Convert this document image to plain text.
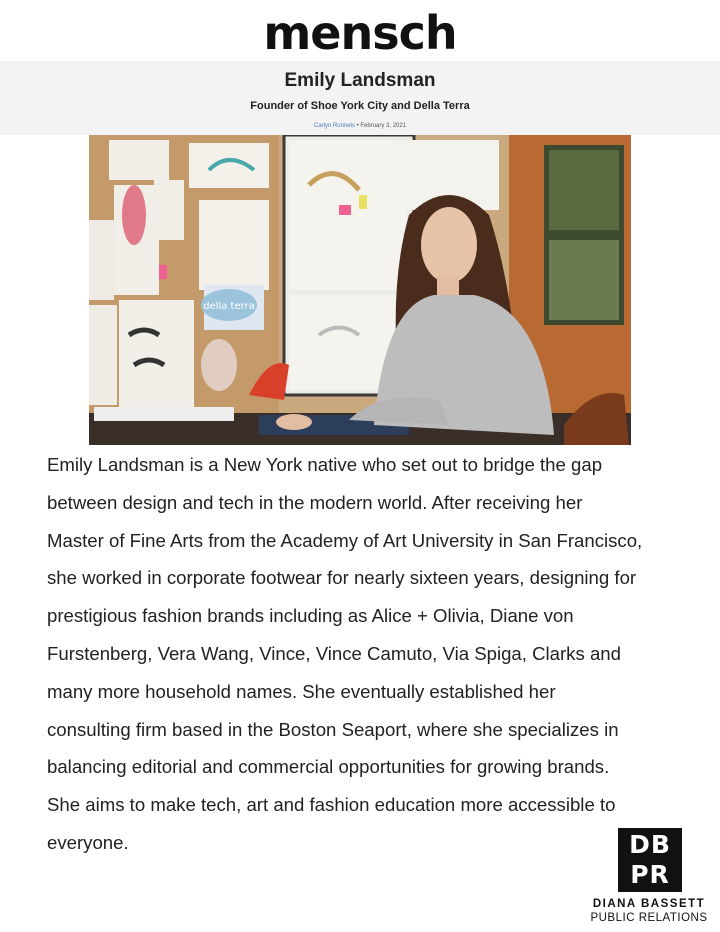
mensch
Emily Landsman
Founder of Shoe York City and Della Terra
Carlyn Runnels • February 3, 2021
della terra
Emily Landsman is a New York native who set out to bridge the gap
between design and tech in the modern world. After receiving her
Master of Fine Arts from the Academy of Art University in San Francisco,
she worked in corporate footwear for nearly sixteen years, designing for
prestigious fashion brands including as Alice + Olivia, Diane von
Furstenberg, Vera Wang, Vince, Vince Camuto, Via Spiga, Clarks and
many more household names. She eventually established her
consulting firm based in the Boston Seaport, where she specializes in
balancing editorial and commercial opportunities for growing brands.
She aims to make tech, art and fashion education more accessible to
everyone.	DB
PR
DIANA BASSETT
PUBLIC RELATIONS
